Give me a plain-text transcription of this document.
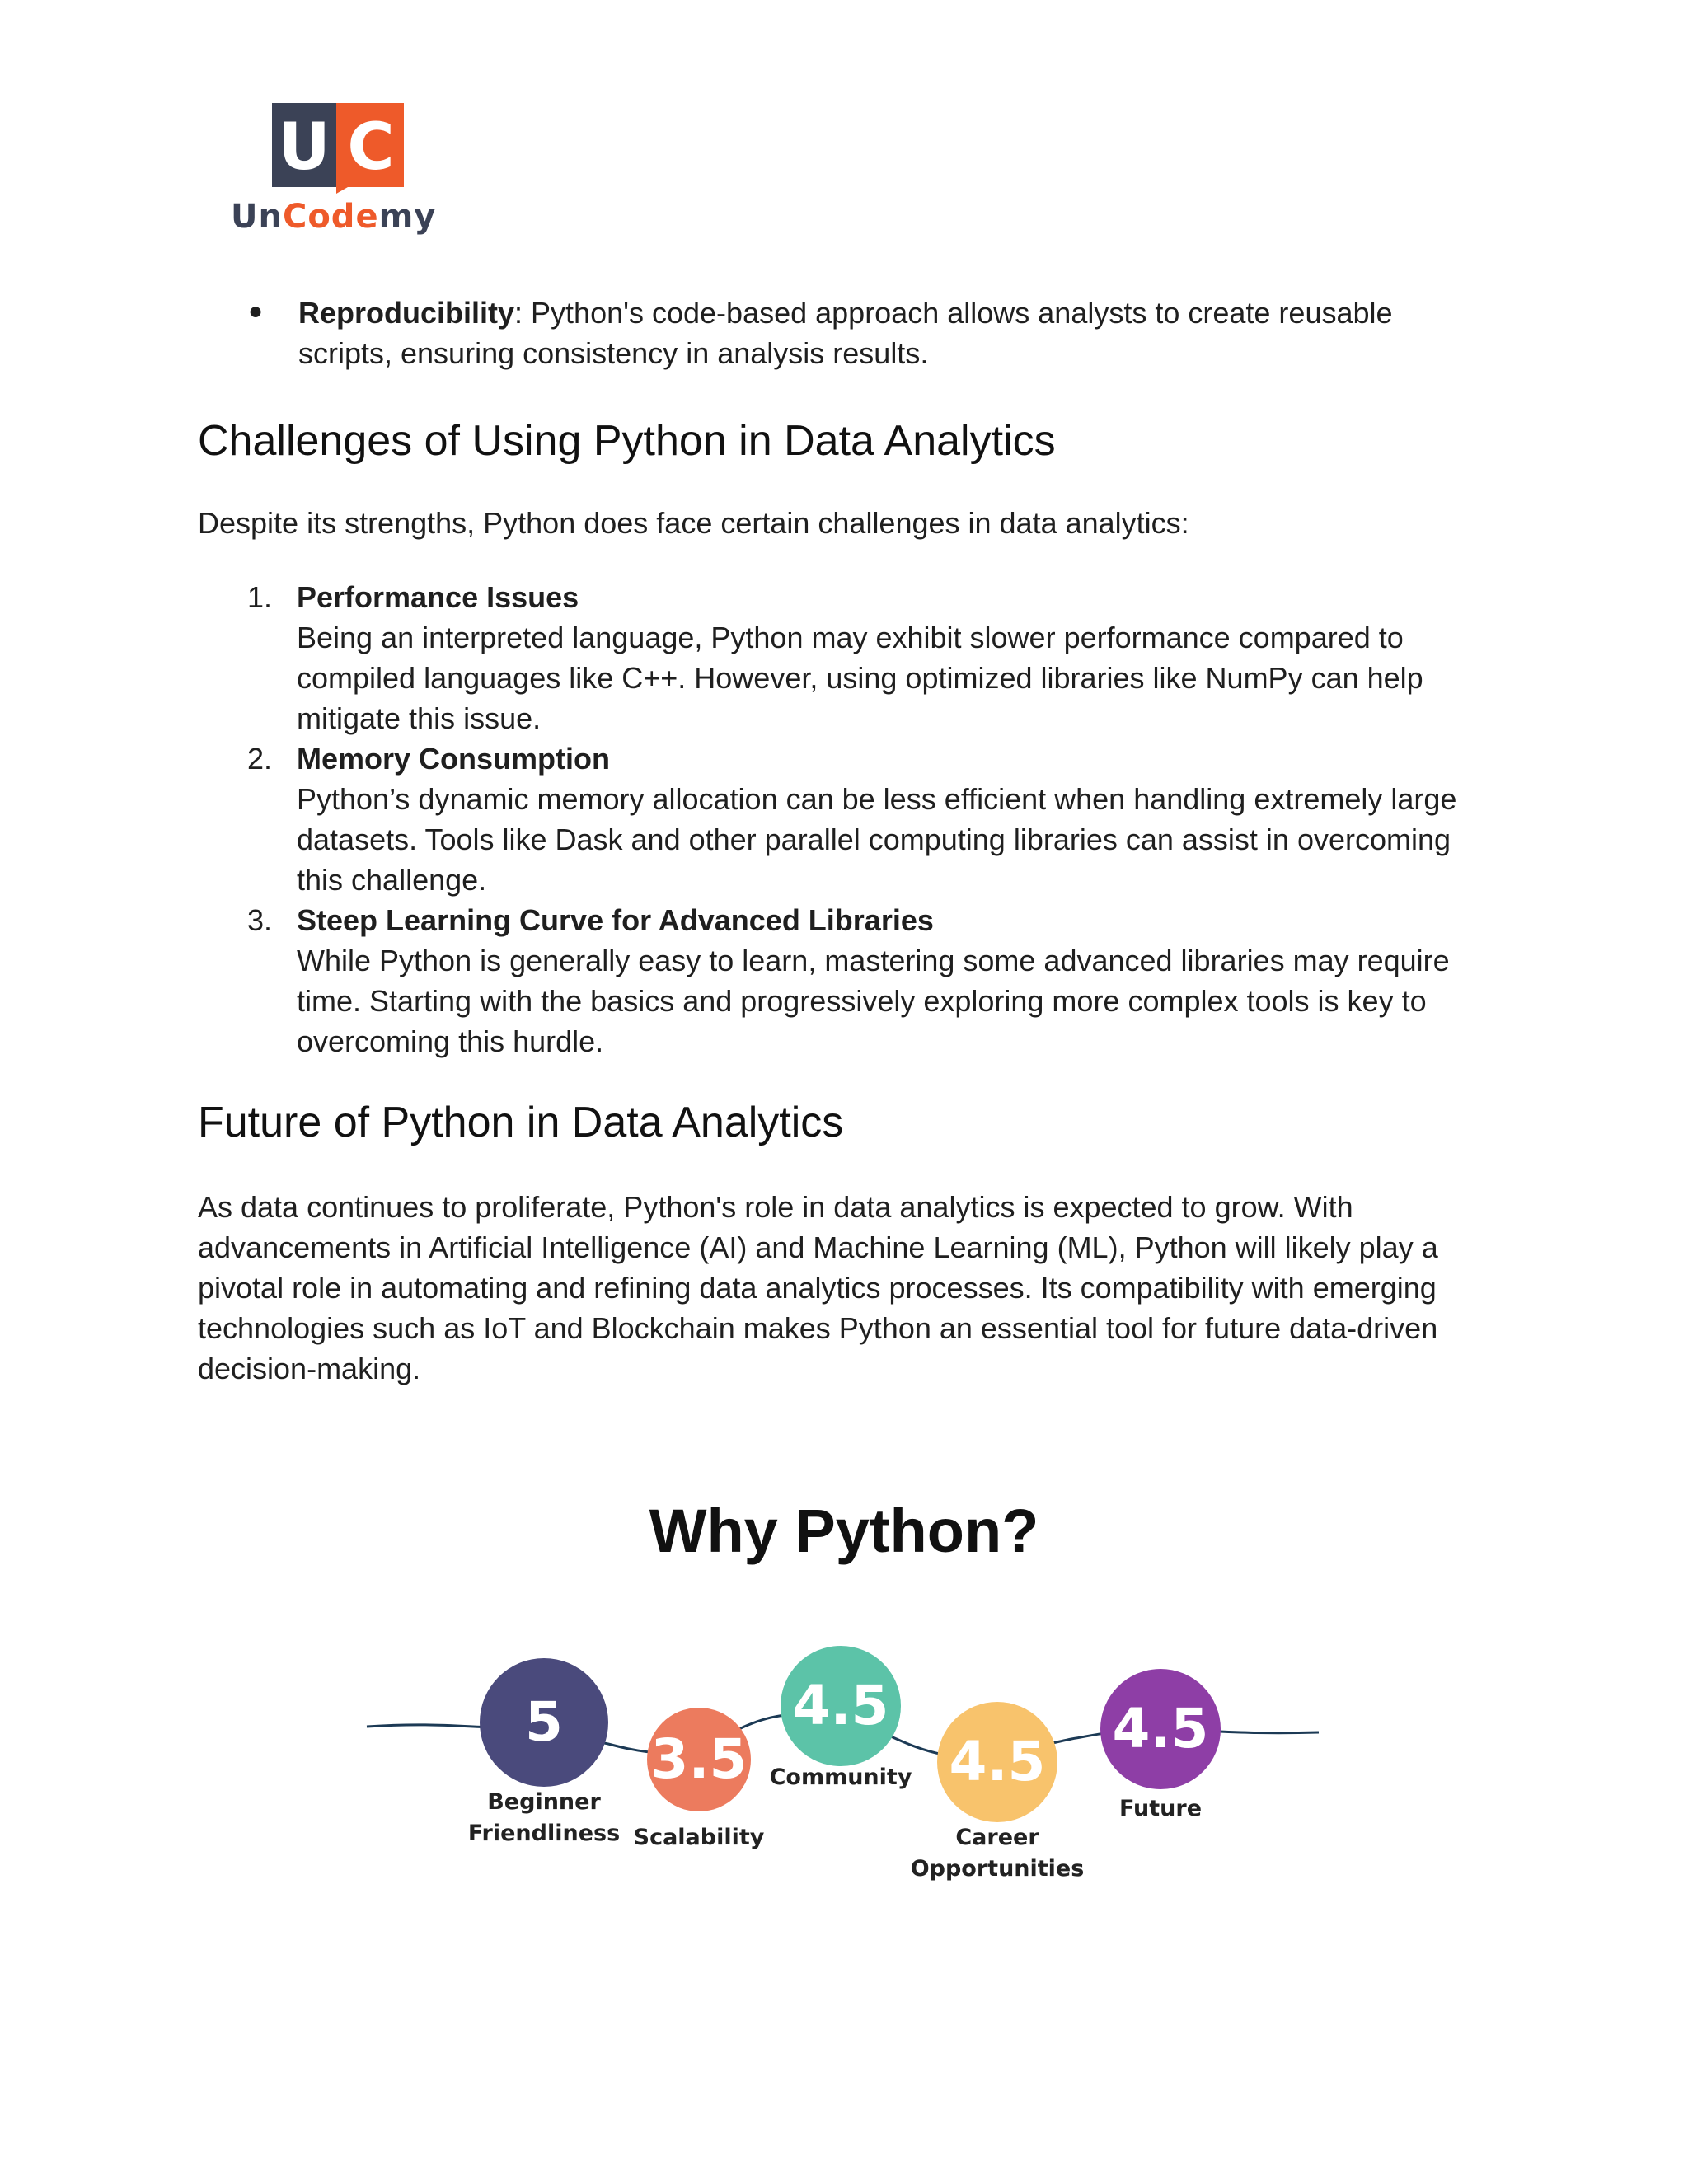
U C
UnCodemy
● Reproducibility: Python's code-based approach allows analysts to create reusable
scripts, ensuring consistency in analysis results.
Challenges of Using Python in Data Analytics

Despite its strengths, Python does face certain challenges in data analytics:

1. Performance Issues
Being an interpreted language, Python may exhibit slower performance compared to
compiled languages like C++. However, using optimized libraries like NumPy can help
mitigate this issue.
2. Memory Consumption
Python’s dynamic memory allocation can be less efficient when handling extremely large
datasets. Tools like Dask and other parallel computing libraries can assist in overcoming
this challenge.
3. Steep Learning Curve for Advanced Libraries
While Python is generally easy to learn, mastering some advanced libraries may require
time. Starting with the basics and progressively exploring more complex tools is key to
overcoming this hurdle.
Future of Python in Data Analytics
As data continues to proliferate, Python's role in data analytics is expected to grow. With
advancements in Artificial Intelligence (AI) and Machine Learning (ML), Python will likely play a
pivotal role in automating and refining data analytics processes. Its compatibility with emerging
technologies such as IoT and Blockchain makes Python an essential tool for future data-driven
decision-making.
Why Python?
5
Beginner
Friendliness
3.5
Scalability
4.5
Community 4.5
Career
Opportunities
4.5
Future
